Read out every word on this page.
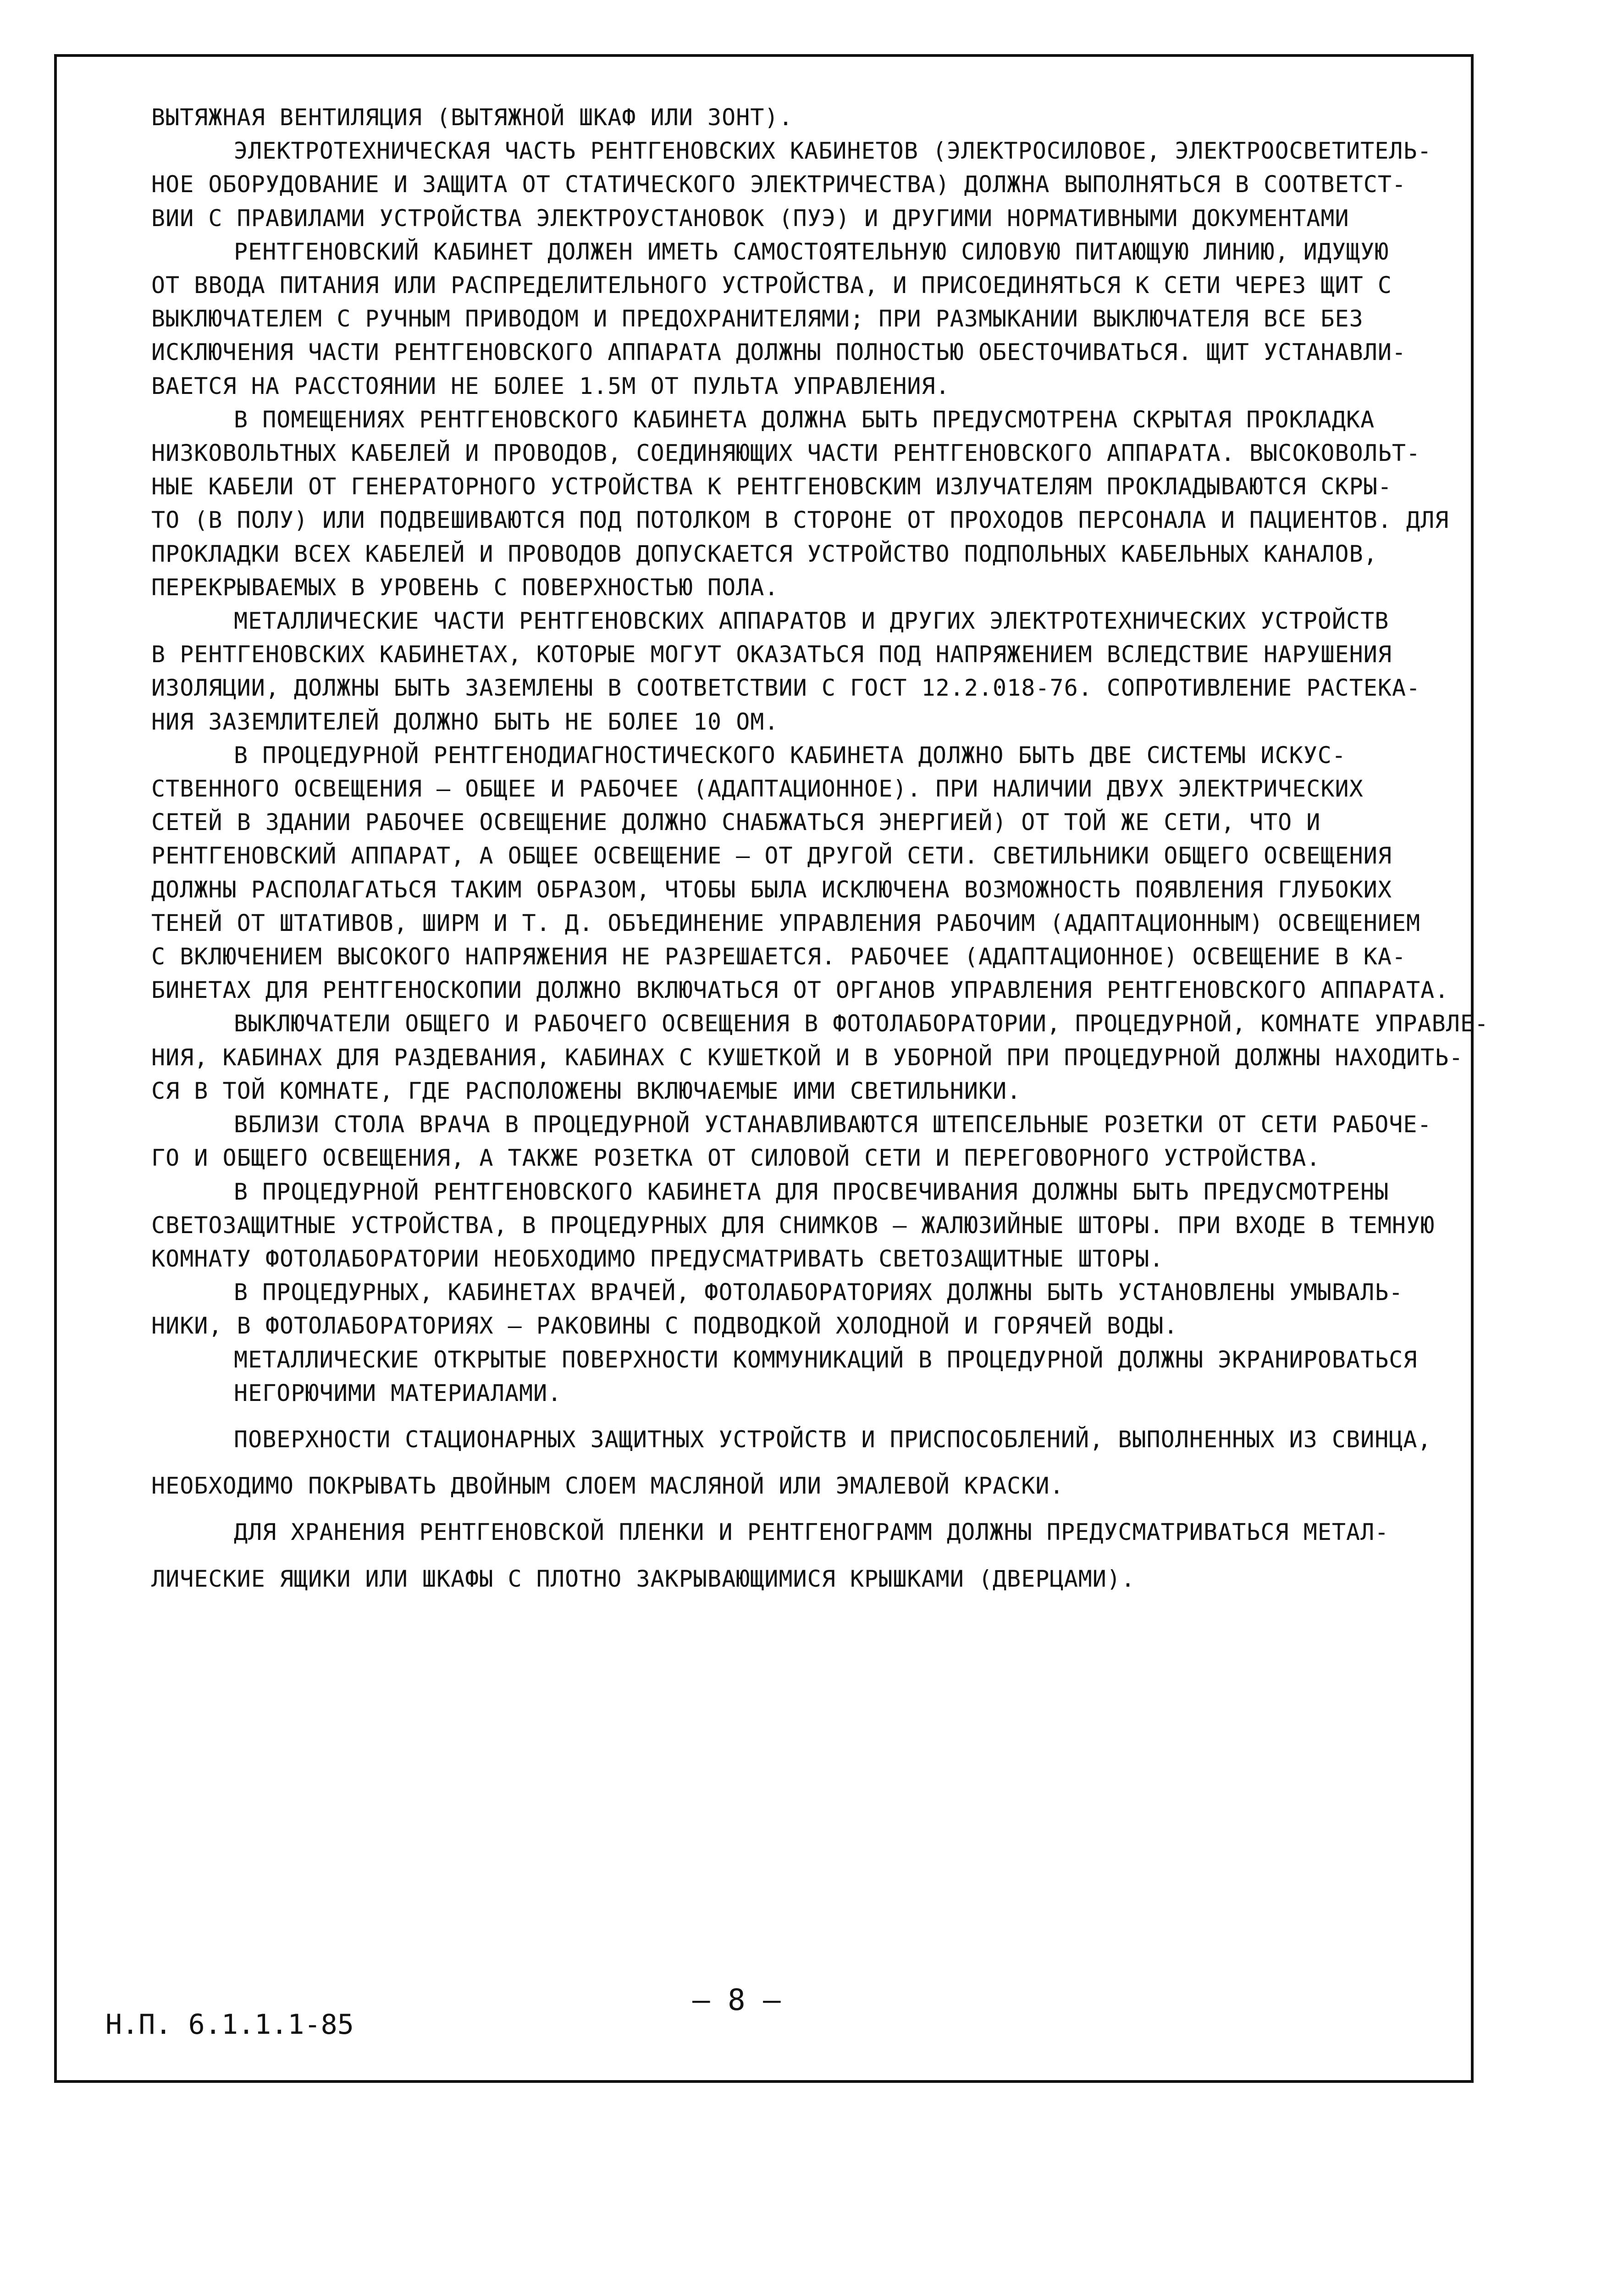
ВЫТЯЖНАЯ ВЕНТИЛЯЦИЯ (ВЫТЯЖНОЙ ШКАФ ИЛИ ЗОНТ).
ЭЛЕКТРОТЕХНИЧЕСКАЯ ЧАСТЬ РЕНТГЕНОВСКИХ КАБИНЕТОВ (ЭЛЕКТРОСИЛОВОЕ, ЭЛЕКТРООСВЕТИТЕЛЬ-
НОЕ ОБОРУДОВАНИЕ И ЗАЩИТА ОТ СТАТИЧЕСКОГО ЭЛЕКТРИЧЕСТВА) ДОЛЖНА ВЫПОЛНЯТЬСЯ В СООТВЕТСТ-
ВИИ С ПРАВИЛАМИ УСТРОЙСТВА ЭЛЕКТРОУСТАНОВОК (ПУЭ) И ДРУГИМИ НОРМАТИВНЫМИ ДОКУМЕНТАМИ
РЕНТГЕНОВСКИЙ КАБИНЕТ ДОЛЖЕН ИМЕТЬ САМОСТОЯТЕЛЬНУЮ СИЛОВУЮ ПИТАЮЩУЮ ЛИНИЮ, ИДУЩУЮ
ОТ ВВОДА ПИТАНИЯ ИЛИ РАСПРЕДЕЛИТЕЛЬНОГО УСТРОЙСТВА, И ПРИСОЕДИНЯТЬСЯ К СЕТИ ЧЕРЕЗ ЩИТ С
ВЫКЛЮЧАТЕЛЕМ С РУЧНЫМ ПРИВОДОМ И ПРЕДОХРАНИТЕЛЯМИ; ПРИ РАЗМЫКАНИИ ВЫКЛЮЧАТЕЛЯ ВСЕ БЕЗ
ИСКЛЮЧЕНИЯ ЧАСТИ РЕНТГЕНОВСКОГО АППАРАТА ДОЛЖНЫ ПОЛНОСТЬЮ ОБЕСТОЧИВАТЬСЯ. ЩИТ УСТАНАВЛИ-
ВАЕТСЯ НА РАССТОЯНИИ НЕ БОЛЕЕ 1.5М ОТ ПУЛЬТА УПРАВЛЕНИЯ.
В ПОМЕЩЕНИЯХ РЕНТГЕНОВСКОГО КАБИНЕТА ДОЛЖНА БЫТЬ ПРЕДУСМОТРЕНА СКРЫТАЯ ПРОКЛАДКА
НИЗКОВОЛЬТНЫХ КАБЕЛЕЙ И ПРОВОДОВ, СОЕДИНЯЮЩИХ ЧАСТИ РЕНТГЕНОВСКОГО АППАРАТА. ВЫСОКОВОЛЬТ-
НЫЕ КАБЕЛИ ОТ ГЕНЕРАТОРНОГО УСТРОЙСТВА К РЕНТГЕНОВСКИМ ИЗЛУЧАТЕЛЯМ ПРОКЛАДЫВАЮТСЯ СКРЫ-
ТО (В ПОЛУ) ИЛИ ПОДВЕШИВАЮТСЯ ПОД ПОТОЛКОМ В СТОРОНЕ ОТ ПРОХОДОВ ПЕРСОНАЛА И ПАЦИЕНТОВ. ДЛЯ
ПРОКЛАДКИ ВСЕХ КАБЕЛЕЙ И ПРОВОДОВ ДОПУСКАЕТСЯ УСТРОЙСТВО ПОДПОЛЬНЫХ КАБЕЛЬНЫХ КАНАЛОВ,
ПЕРЕКРЫВАЕМЫХ В УРОВЕНЬ С ПОВЕРХНОСТЬЮ ПОЛА.
МЕТАЛЛИЧЕСКИЕ ЧАСТИ РЕНТГЕНОВСКИХ АППАРАТОВ И ДРУГИХ ЭЛЕКТРОТЕХНИЧЕСКИХ УСТРОЙСТВ
В РЕНТГЕНОВСКИХ КАБИНЕТАХ, КОТОРЫЕ МОГУТ ОКАЗАТЬСЯ ПОД НАПРЯЖЕНИЕМ ВСЛЕДСТВИЕ НАРУШЕНИЯ
ИЗОЛЯЦИИ, ДОЛЖНЫ БЫТЬ ЗАЗЕМЛЕНЫ В СООТВЕТСТВИИ С ГОСТ 12.2.018-76. СОПРОТИВЛЕНИЕ РАСТЕКА-
НИЯ ЗАЗЕМЛИТЕЛЕЙ ДОЛЖНО БЫТЬ НЕ БОЛЕЕ 10 ОМ.
В ПРОЦЕДУРНОЙ РЕНТГЕНОДИАГНОСТИЧЕСКОГО КАБИНЕТА ДОЛЖНО БЫТЬ ДВЕ СИСТЕМЫ ИСКУС-
СТВЕННОГО ОСВЕЩЕНИЯ — ОБЩЕЕ И РАБОЧЕЕ (АДАПТАЦИОННОЕ). ПРИ НАЛИЧИИ ДВУХ ЭЛЕКТРИЧЕСКИХ
СЕТЕЙ В ЗДАНИИ РАБОЧЕЕ ОСВЕЩЕНИЕ ДОЛЖНО СНАБЖАТЬСЯ ЭНЕРГИЕЙ) ОТ ТОЙ ЖЕ СЕТИ, ЧТО И
РЕНТГЕНОВСКИЙ АППАРАТ, А ОБЩЕЕ ОСВЕЩЕНИЕ — ОТ ДРУГОЙ СЕТИ. СВЕТИЛЬНИКИ ОБЩЕГО ОСВЕЩЕНИЯ
ДОЛЖНЫ РАСПОЛАГАТЬСЯ ТАКИМ ОБРАЗОМ, ЧТОБЫ БЫЛА ИСКЛЮЧЕНА ВОЗМОЖНОСТЬ ПОЯВЛЕНИЯ ГЛУБОКИХ
ТЕНЕЙ ОТ ШТАТИВОВ, ШИРМ И Т. Д. ОБЪЕДИНЕНИЕ УПРАВЛЕНИЯ РАБОЧИМ (АДАПТАЦИОННЫМ) ОСВЕЩЕНИЕМ
С ВКЛЮЧЕНИЕМ ВЫСОКОГО НАПРЯЖЕНИЯ НЕ РАЗРЕШАЕТСЯ. РАБОЧЕЕ (АДАПТАЦИОННОЕ) ОСВЕЩЕНИЕ В КА-
БИНЕТАХ ДЛЯ РЕНТГЕНОСКОПИИ ДОЛЖНО ВКЛЮЧАТЬСЯ ОТ ОРГАНОВ УПРАВЛЕНИЯ РЕНТГЕНОВСКОГО АППАРАТА.
ВЫКЛЮЧАТЕЛИ ОБЩЕГО И РАБОЧЕГО ОСВЕЩЕНИЯ В ФОТОЛАБОРАТОРИИ, ПРОЦЕДУРНОЙ, КОМНАТЕ УПРАВЛЕ-
НИЯ, КАБИНАХ ДЛЯ РАЗДЕВАНИЯ, КАБИНАХ С КУШЕТКОЙ И В УБОРНОЙ ПРИ ПРОЦЕДУРНОЙ ДОЛЖНЫ НАХОДИТЬ-
СЯ В ТОЙ КОМНАТЕ, ГДЕ РАСПОЛОЖЕНЫ ВКЛЮЧАЕМЫЕ ИМИ СВЕТИЛЬНИКИ.
ВБЛИЗИ СТОЛА ВРАЧА В ПРОЦЕДУРНОЙ УСТАНАВЛИВАЮТСЯ ШТЕПСЕЛЬНЫЕ РОЗЕТКИ ОТ СЕТИ РАБОЧЕ-
ГО И ОБЩЕГО ОСВЕЩЕНИЯ, А ТАКЖЕ РОЗЕТКА ОТ СИЛОВОЙ СЕТИ И ПЕРЕГОВОРНОГО УСТРОЙСТВА.
В ПРОЦЕДУРНОЙ РЕНТГЕНОВСКОГО КАБИНЕТА ДЛЯ ПРОСВЕЧИВАНИЯ ДОЛЖНЫ БЫТЬ ПРЕДУСМОТРЕНЫ
СВЕТОЗАЩИТНЫЕ УСТРОЙСТВА, В ПРОЦЕДУРНЫХ ДЛЯ СНИМКОВ — ЖАЛЮЗИЙНЫЕ ШТОРЫ. ПРИ ВХОДЕ В ТЕМНУЮ
КОМНАТУ ФОТОЛАБОРАТОРИИ НЕОБХОДИМО ПРЕДУСМАТРИВАТЬ СВЕТОЗАЩИТНЫЕ ШТОРЫ.
В ПРОЦЕДУРНЫХ, КАБИНЕТАХ ВРАЧЕЙ, ФОТОЛАБОРАТОРИЯХ ДОЛЖНЫ БЫТЬ УСТАНОВЛЕНЫ УМЫВАЛЬ-
НИКИ, В ФОТОЛАБОРАТОРИЯХ — РАКОВИНЫ С ПОДВОДКОЙ ХОЛОДНОЙ И ГОРЯЧЕЙ ВОДЫ.
МЕТАЛЛИЧЕСКИЕ ОТКРЫТЫЕ ПОВЕРХНОСТИ КОММУНИКАЦИЙ В ПРОЦЕДУРНОЙ ДОЛЖНЫ ЭКРАНИРОВАТЬСЯ НЕГОРЮЧИМИ МАТЕРИАЛАМИ.
ПОВЕРХНОСТИ СТАЦИОНАРНЫХ ЗАЩИТНЫХ УСТРОЙСТВ И ПРИСПОСОБЛЕНИЙ, ВЫПОЛНЕННЫХ ИЗ СВИНЦА,
НЕОБХОДИМО ПОКРЫВАТЬ ДВОЙНЫМ СЛОЕМ МАСЛЯНОЙ ИЛИ ЭМАЛЕВОЙ КРАСКИ.
ДЛЯ ХРАНЕНИЯ РЕНТГЕНОВСКОЙ ПЛЕНКИ И РЕНТГЕНОГРАММ ДОЛЖНЫ ПРЕДУСМАТРИВАТЬСЯ МЕТАЛ-
ЛИЧЕСКИЕ ЯЩИКИ ИЛИ ШКАФЫ С ПЛОТНО ЗАКРЫВАЮЩИМИСЯ КРЫШКАМИ (ДВЕРЦАМИ).
Н.П. 6.1.1.1-85
— 8 —
